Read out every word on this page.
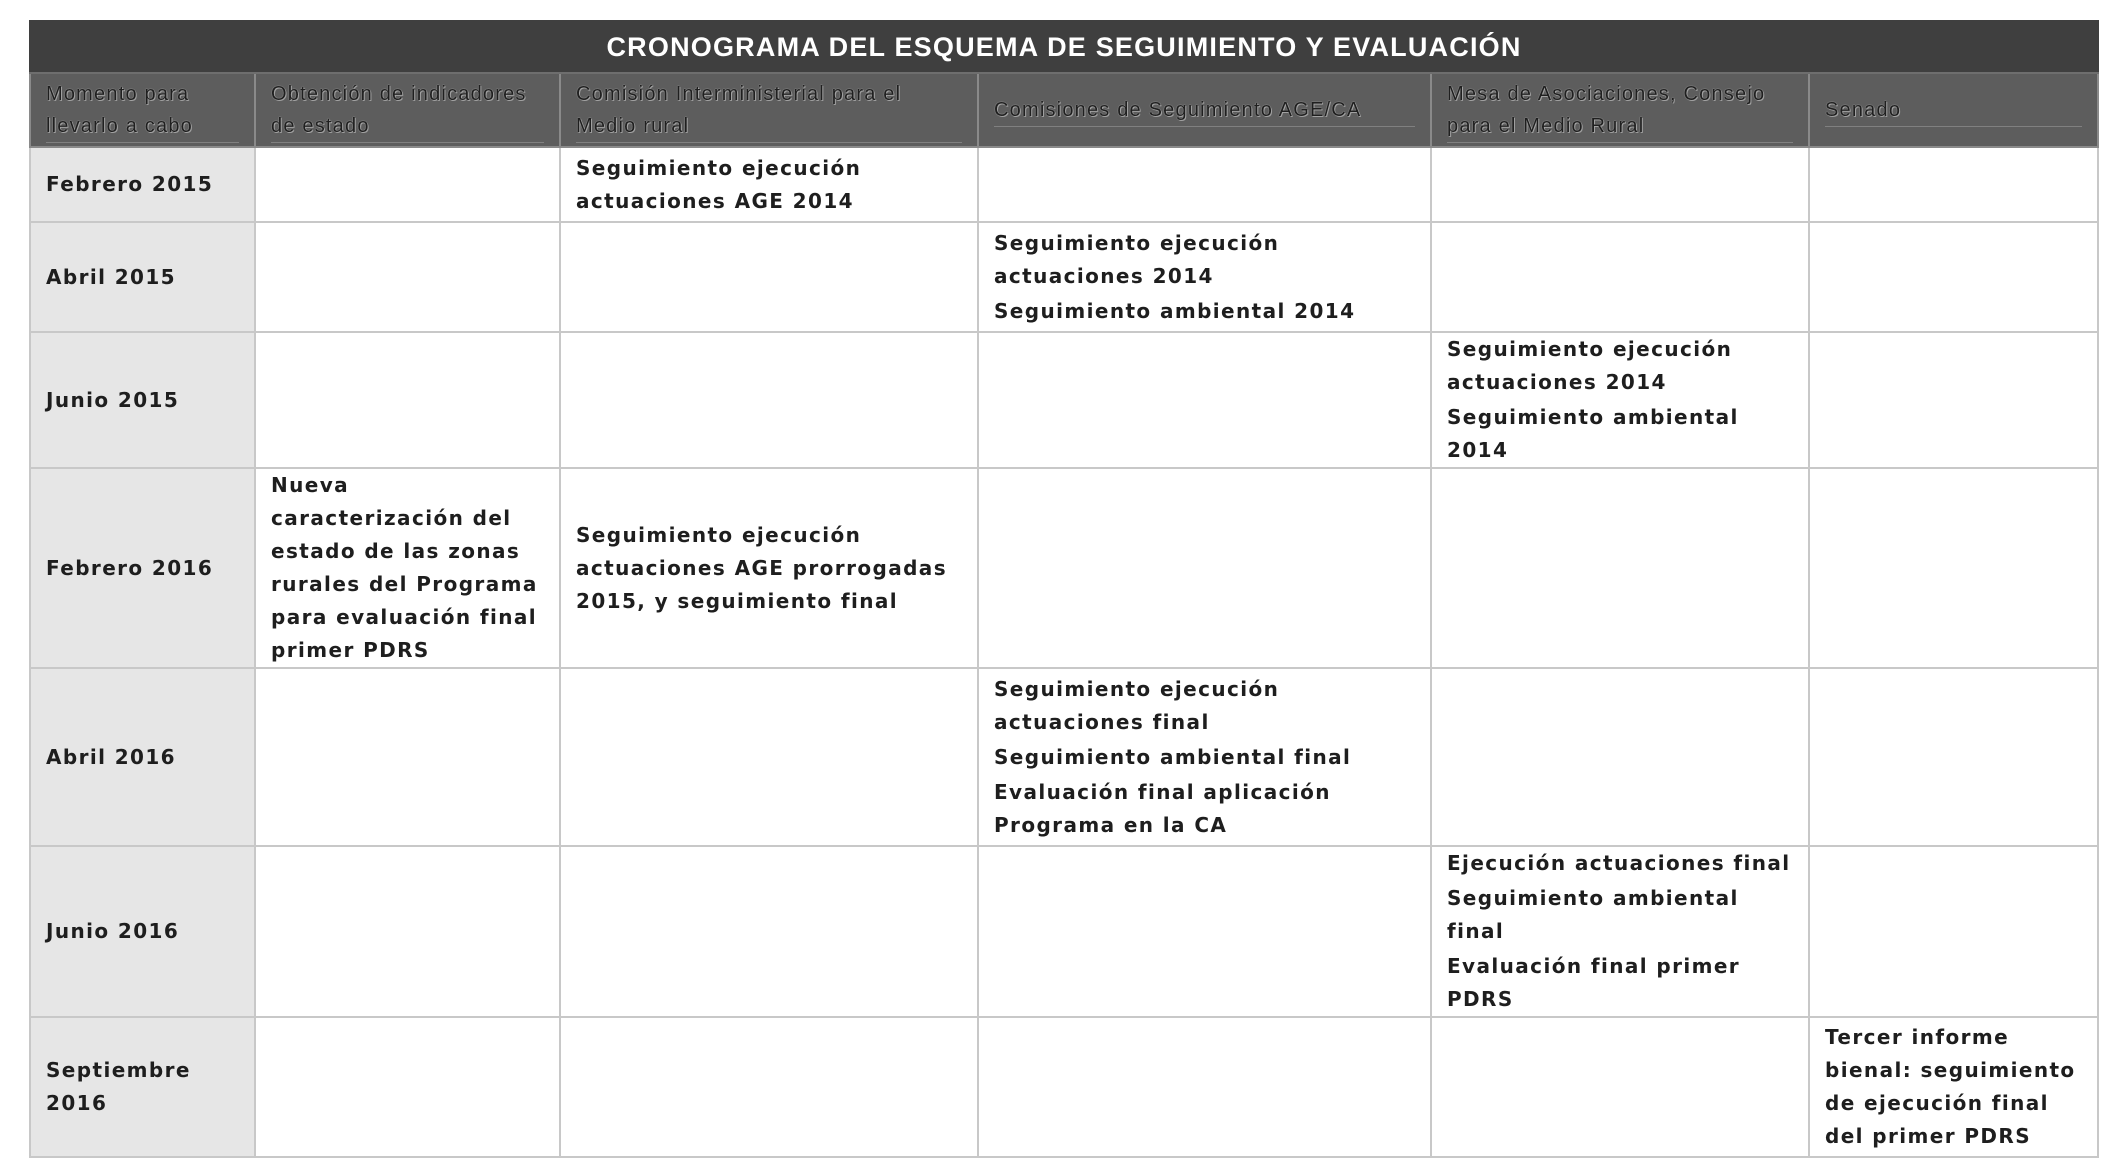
CRONOGRAMA DEL ESQUEMA DE SEGUIMIENTO Y EVALUACIÓN					

Momento para llevarlo a cabo	Obtención de indicadores de estado	Comisión Interministerial para el Medio rural	Comisiones de Seguimiento AGE/CA	Mesa de Asociaciones, Consejo para el Medio Rural	Senado

Febrero 2015		Seguimiento ejecución actuaciones AGE 2014			

Abril 2015			Seguimiento ejecución actuaciones 2014
Seguimiento ambiental 2014		

Junio 2015				Seguimiento ejecución actuaciones 2014
Seguimiento ambiental 2014	

Febrero 2016	Nueva caracterización del estado de las zonas rurales del Programa para evaluación final primer PDRS	Seguimiento ejecución actuaciones AGE prorrogadas 2015, y seguimiento final			

Abril 2016			Seguimiento ejecución actuaciones final
Seguimiento ambiental final
Evaluación final aplicación Programa en la CA		

Junio 2016				Ejecución actuaciones final
Seguimiento ambiental final
Evaluación final primer PDRS	

Septiembre 2016					Tercer informe bienal: seguimiento de ejecución final del primer PDRS
